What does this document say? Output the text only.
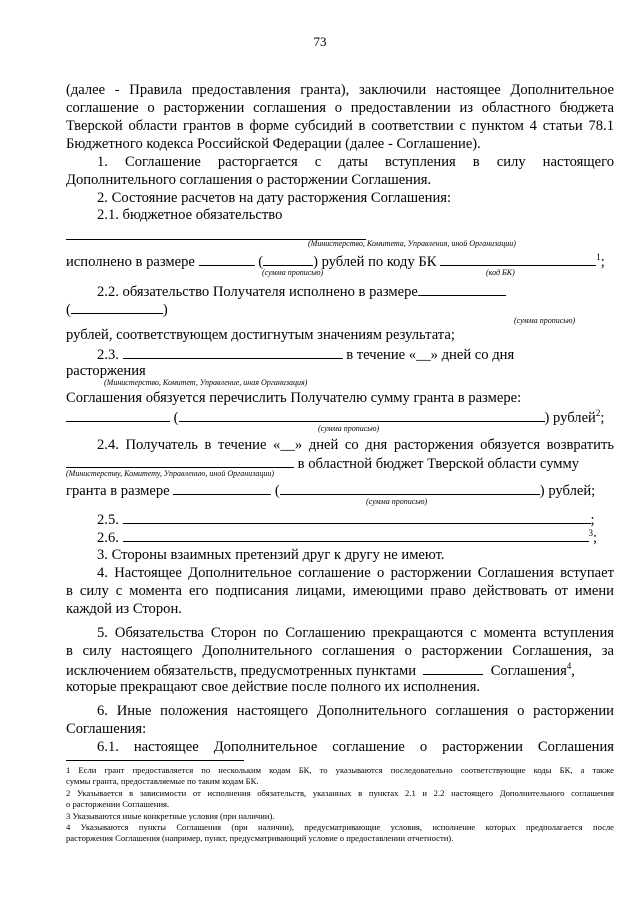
73
(далее - Правила предоставления гранта), заключили настоящее Дополнительное
соглашение о расторжении соглашения о предоставлении из областного бюджета
Тверской области грантов в форме субсидий в соответствии с пунктом 4 статьи 78.1
Бюджетного кодекса Российской Федерации (далее - Соглашение).
1. Соглашение расторгается с даты вступления в силу настоящего
Дополнительного соглашения о расторжении Соглашения.
2. Состояние расчетов на дату расторжения Соглашения:
2.1. бюджетное обязательство
(Министерство, Комитета, Управления, иной Организации)
исполнено в размере	(	) рублей по коду БК	$^1$;
(сумма прописью)	(код БК)
2.2. обязательство Получателя исполнено в размере
(	)
(сумма прописью)
рублей, соответствующем достигнутым значениям результата;
2.3.	в течение «__» дней со дня
расторжения
(Министерство, Комитет, Управление, иная Организация)
Соглашения обязуется перечислить Получателю сумму гранта в размере:
(	) рублей$^2$;
(сумма прописью)
2.4. Получатель в течение «__» дней со дня расторжения обязуется возвратить
в областной бюджет Тверской области сумму
(Министерству, Комитету, Управлению, иной Организации)
гранта в размере	(	) рублей;
(сумма прописью)
2.5.	;
2.6.	$^3$;
3. Стороны взаимных претензий друг к другу не имеют.
4. Настоящее Дополнительное соглашение о расторжении Соглашения вступает
в силу с момента его подписания лицами, имеющими право действовать от имени
каждой из Сторон.
5. Обязательства Сторон по Соглашению прекращаются с момента вступления
в силу настоящего Дополнительного соглашения о расторжении Соглашения, за
исключением обязательств, предусмотренных пунктами	Соглашения$^4$,
которые прекращают свое действие после полного их исполнения.
6. Иные положения настоящего Дополнительного соглашения о расторжении
Соглашения:
6.1. настоящее Дополнительное соглашение о расторжении Соглашения
1 Если грант предоставляется по нескольким кодам БК, то указываются последовательно соответствующие коды БК, а также
суммы гранта, предоставляемые по таким кодам БК.
2 Указывается в зависимости от исполнения обязательств, указанных в пунктах 2.1 и 2.2 настоящего Дополнительного соглашения
о расторжении Соглашения.
3 Указываются иные конкретные условия (при наличии).
4 Указываются пункты Соглашения (при наличии), предусматривающие условия, исполнение которых предполагается после
расторжения Соглашения (например, пункт, предусматривающий условие о предоставлении отчетности).
